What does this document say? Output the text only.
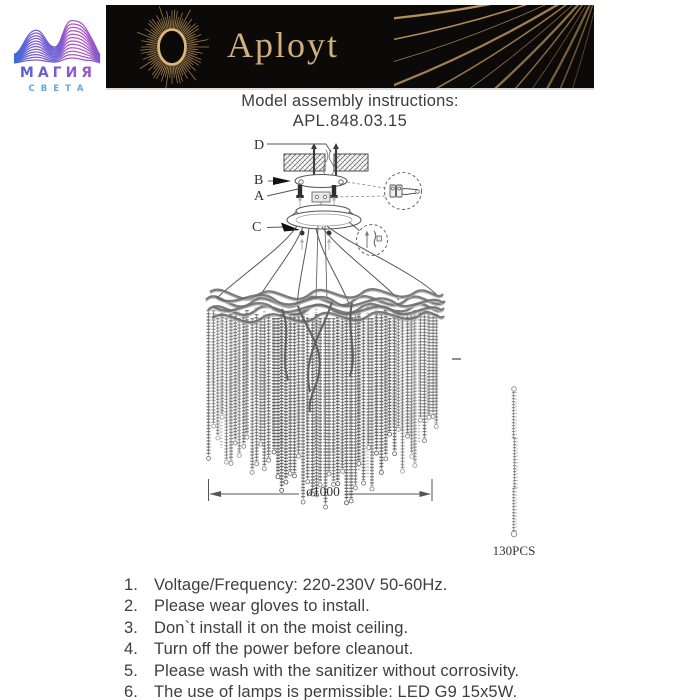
МАГИЯ
СВЕТА
Aployt
Model assembly instructions:
APL.848.03.15
D
B
A
C
ø1000
130PCS
1. Voltage/Frequency: 220-230V 50-60Hz.
2. Please wear gloves to install.
3. Don`t install it on the moist ceiling.
4. Turn off the power before cleanout.
5. Please wash with the sanitizer without corrosivity.
6. The use of lamps is permissible: LED G9 15x5W.
